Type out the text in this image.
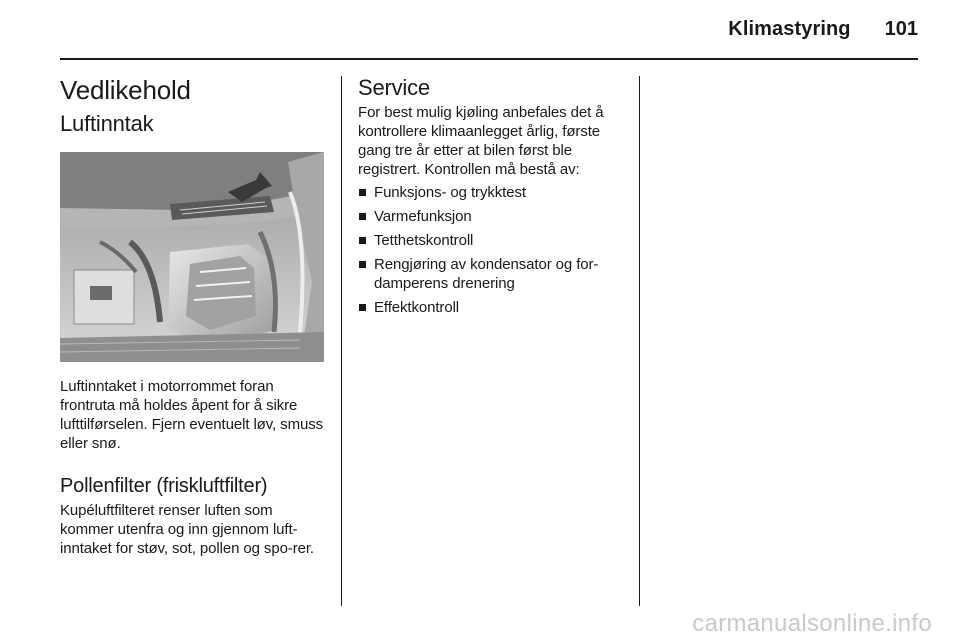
Klimastyring 101
Vedlikehold
Luftinntak
Luftinntaket i motorrommet foran frontruta må holdes åpent for å sikre lufttilførselen. Fjern eventuelt løv, smuss eller snø.
Pollenfilter (friskluftfilter)
Kupéluftfilteret renser luften som kommer utenfra og inn gjennom luft-inntaket for støv, sot, pollen og spo-rer.
Service
For best mulig kjøling anbefales det å kontrollere klimaanlegget årlig, første gang tre år etter at bilen først ble registrert. Kontrollen må bestå av:
Funksjons- og trykktest
Varmefunksjon
Tetthetskontroll
Rengjøring av kondensator og for-damperens drenering
Effektkontroll
carmanualsonline.info
